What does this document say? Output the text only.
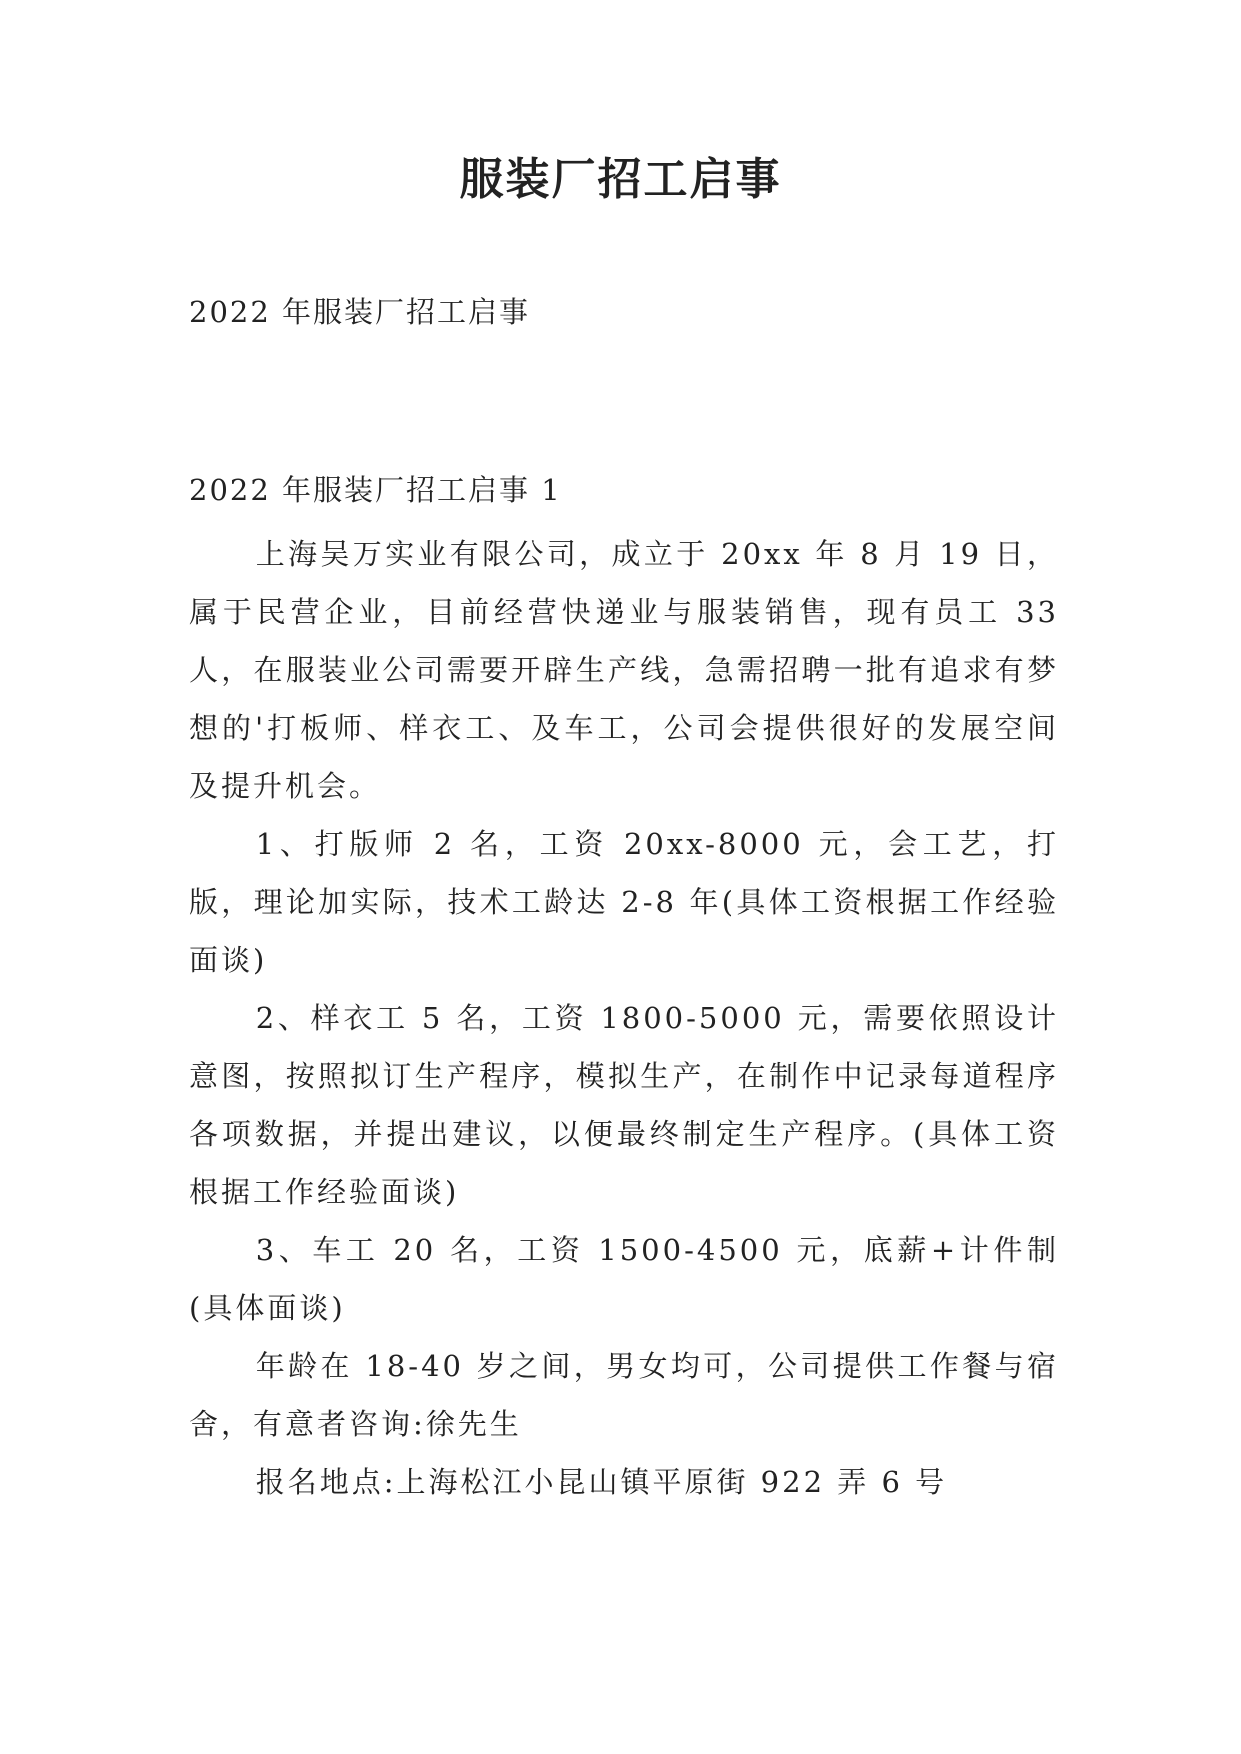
服装厂招工启事
2022 年服装厂招工启事
2022 年服装厂招工启事 1

上海吴万实业有限公司，成立于 20xx 年 8 月 19 日，属于民营企业，目前经营快递业与服装销售，现有员工 33 人，在服装业公司需要开辟生产线，急需招聘一批有追求有梦想的'打板师、样衣工、及车工，公司会提供很好的发展空间及提升机会。

1、打版师 2 名，工资 20xx-8000 元，会工艺，打版，理论加实际，技术工龄达 2-8 年(具体工资根据工作经验面谈)

2、样衣工 5 名，工资 1800-5000 元，需要依照设计意图，按照拟订生产程序，模拟生产，在制作中记录每道程序各项数据，并提出建议，以便最终制定生产程序。(具体工资根据工作经验面谈)

3、车工 20 名，工资 1500-4500 元，底薪+计件制(具体面谈)

年龄在 18-40 岁之间，男女均可，公司提供工作餐与宿舍，有意者咨询:徐先生

报名地点:上海松江小昆山镇平原街 922 弄 6 号
